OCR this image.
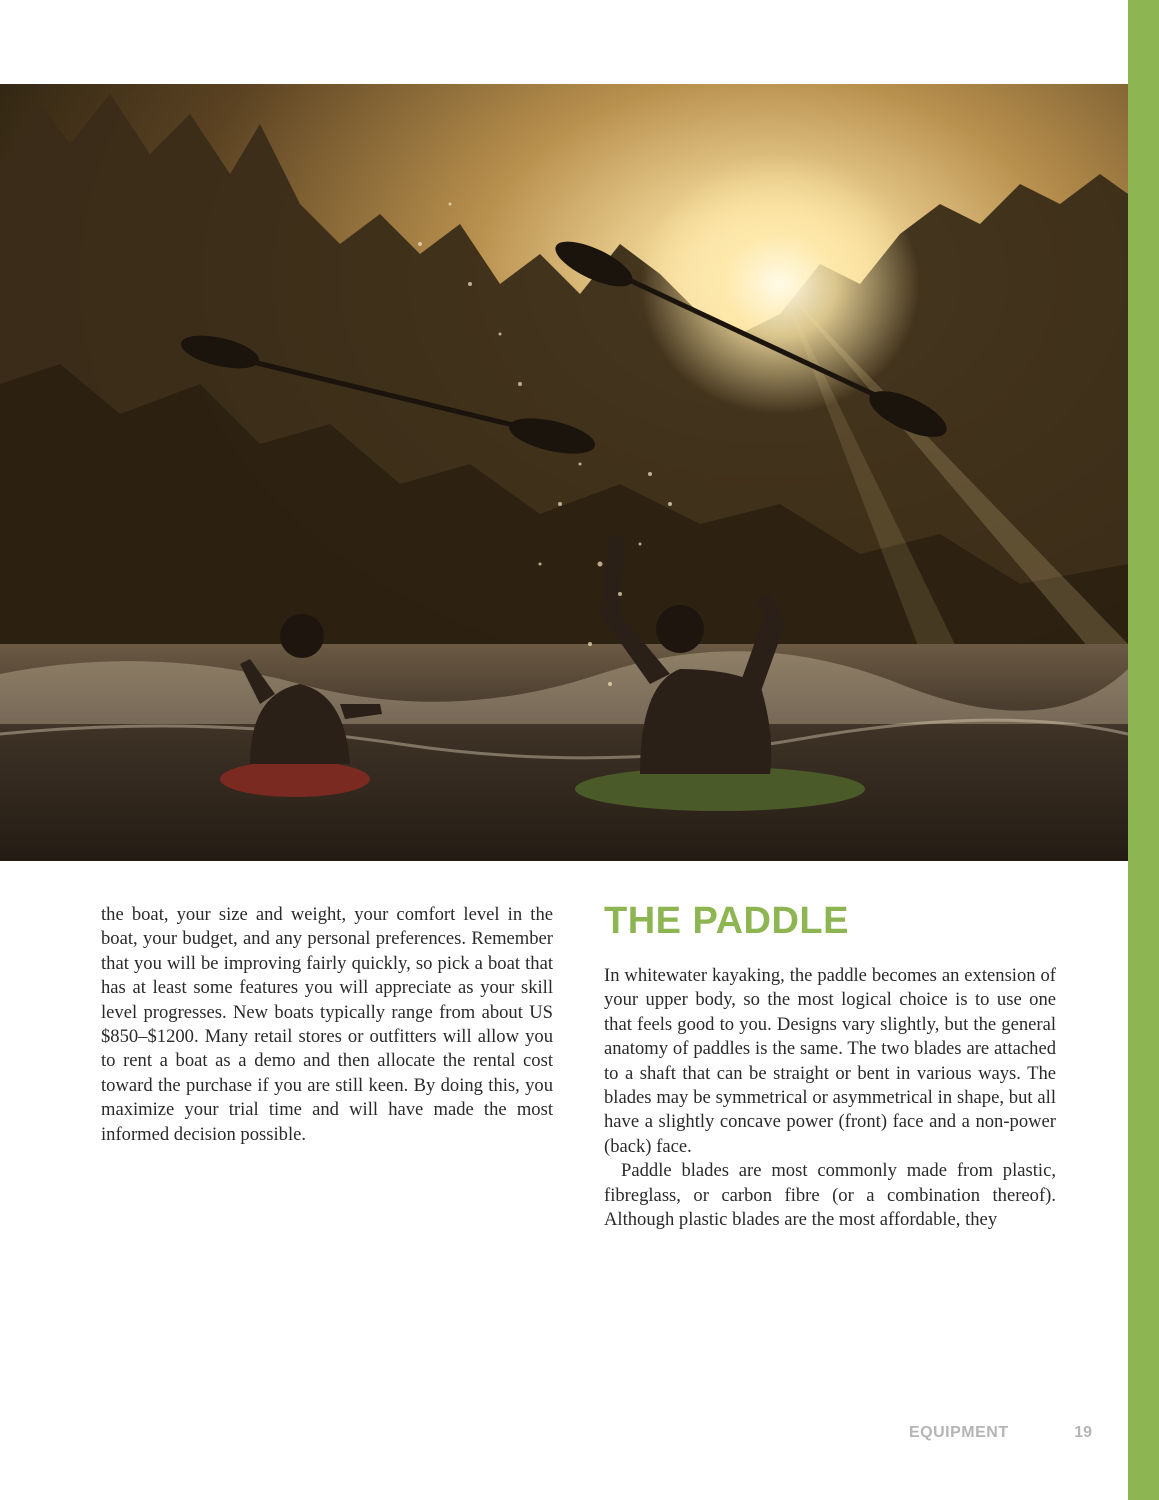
the boat, your size and weight, your comfort level in the boat, your budget, and any personal preferences. Remember that you will be improving fairly quickly, so pick a boat that has at least some features you will appreciate as your skill level progresses. New boats typically range from about US $850–$1200. Many retail stores or outfitters will allow you to rent a boat as a demo and then allocate the rental cost toward the purchase if you are still keen. By doing this, you maximize your trial time and will have made the most informed decision possible.

THE PADDLE

In whitewater kayaking, the paddle becomes an extension of your upper body, so the most logical choice is to use one that feels good to you. Designs vary slightly, but the general anatomy of paddles is the same. The two blades are attached to a shaft that can be straight or bent in various ways. The blades may be symmetrical or asymmetrical in shape, but all have a slightly concave power (front) face and a non-power (back) face.

Paddle blades are most commonly made from plastic, fibreglass, or carbon fibre (or a combination thereof). Although plastic blades are the most affordable, they

EQUIPMENT	19
